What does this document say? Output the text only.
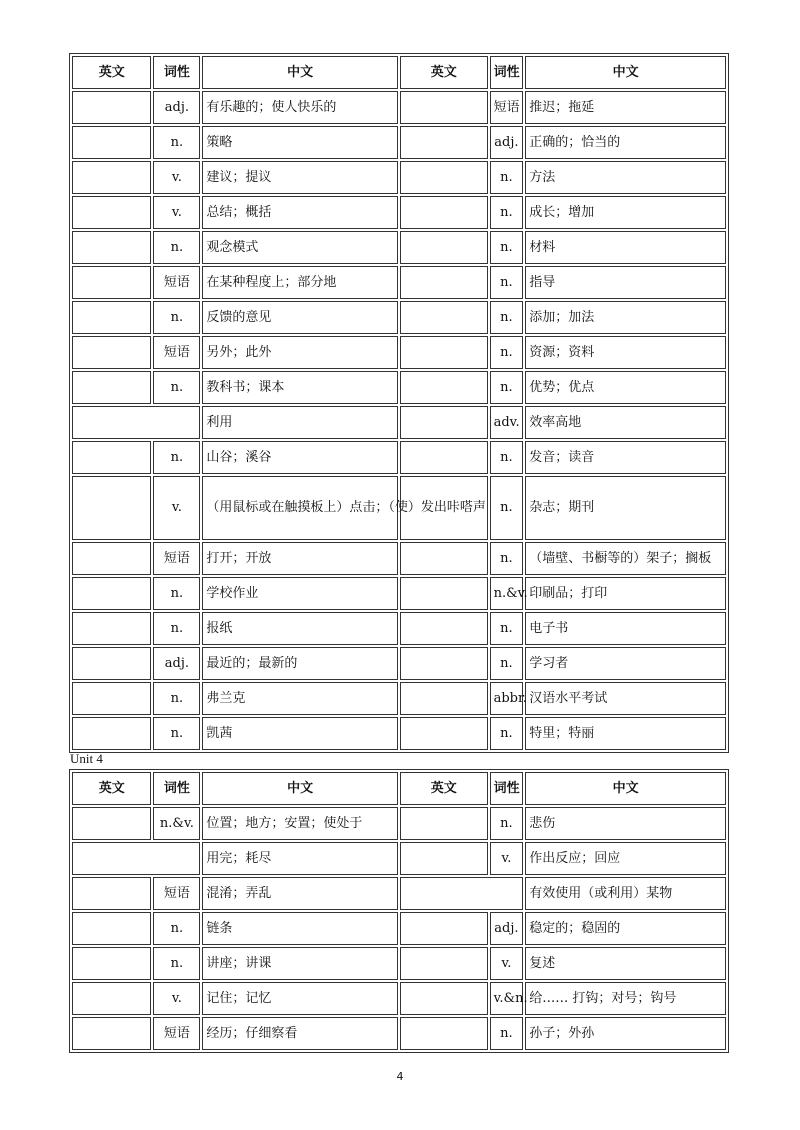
英文	词性	中文	英文	词性	中文
	adj.	有乐趣的；使人快乐的		短语	推迟；拖延
	n.	策略		adj.	正确的；恰当的
	v.	建议；提议		n.	方法
	v.	总结；概括		n.	成长；增加
	n.	观念模式		n.	材料
	短语	在某种程度上；部分地		n.	指导
	n.	反馈的意见		n.	添加；加法
	短语	另外；此外		n.	资源；资料
	n.	教科书；课本		n.	优势；优点
		利用		adv.	效率高地
	n.	山谷；溪谷		n.	发音；读音
	v.	（用鼠标或在触摸板上）点击；（使）发出咔嗒声		n.	杂志；期刊
	短语	打开；开放		n.	（墙壁、书橱等的）架子；搁板
	n.	学校作业		n.&v.	印刷品；打印
	n.	报纸		n.	电子书
	adj.	最近的；最新的		n.	学习者
	n.	弗兰克		abbr.	汉语水平考试
	n.	凯茜		n.	特里；特丽
Unit 4
英文	词性	中文	英文	词性	中文
	n.&v.	位置；地方；安置；使处于		n.	悲伤
		用完；耗尽		v.	作出反应；回应
	短语	混淆；弄乱			有效使用（或利用）某物
	n.	链条		adj.	稳定的；稳固的
	n.	讲座；讲课		v.	复述
	v.	记住；记忆		v.&n.	给…… 打钩；对号；钩号
	短语	经历；仔细察看		n.	孙子；外孙
4
